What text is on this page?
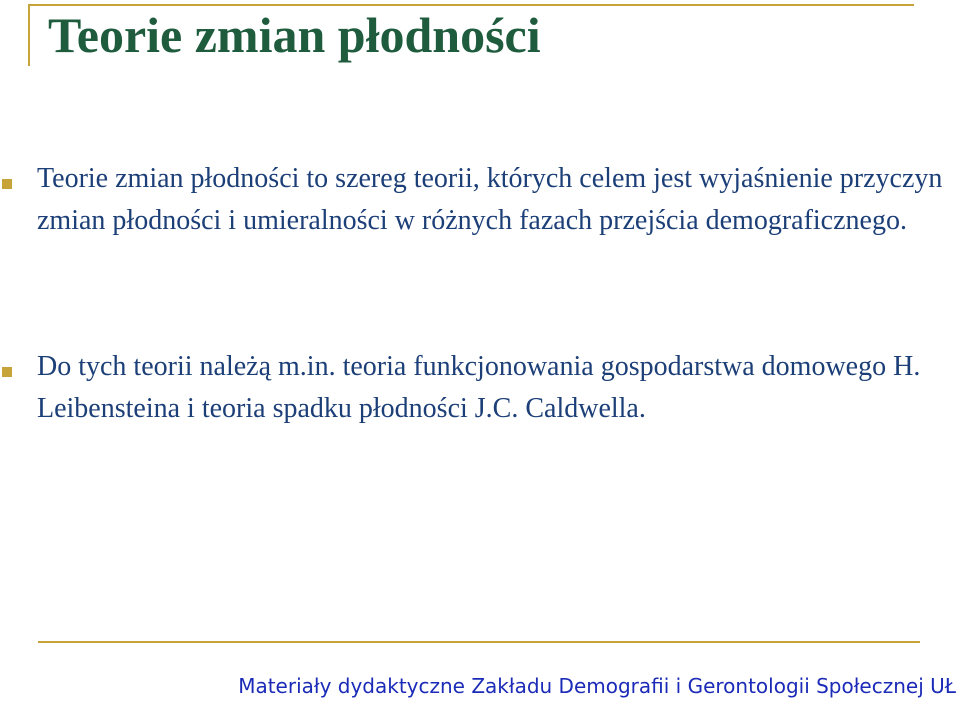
Teorie zmian płodności

Teorie zmian płodności to szereg teorii, których celem jest wyjaśnienie przyczyn zmian płodności i umieralności w różnych fazach przejścia demograficznego.

Do tych teorii należą m.in. teoria funkcjonowania gospodarstwa domowego H. Leibensteina i teoria spadku płodności J.C. Caldwella.

Materiały dydaktyczne Zakładu Demografii i Gerontologii Społecznej UŁ
